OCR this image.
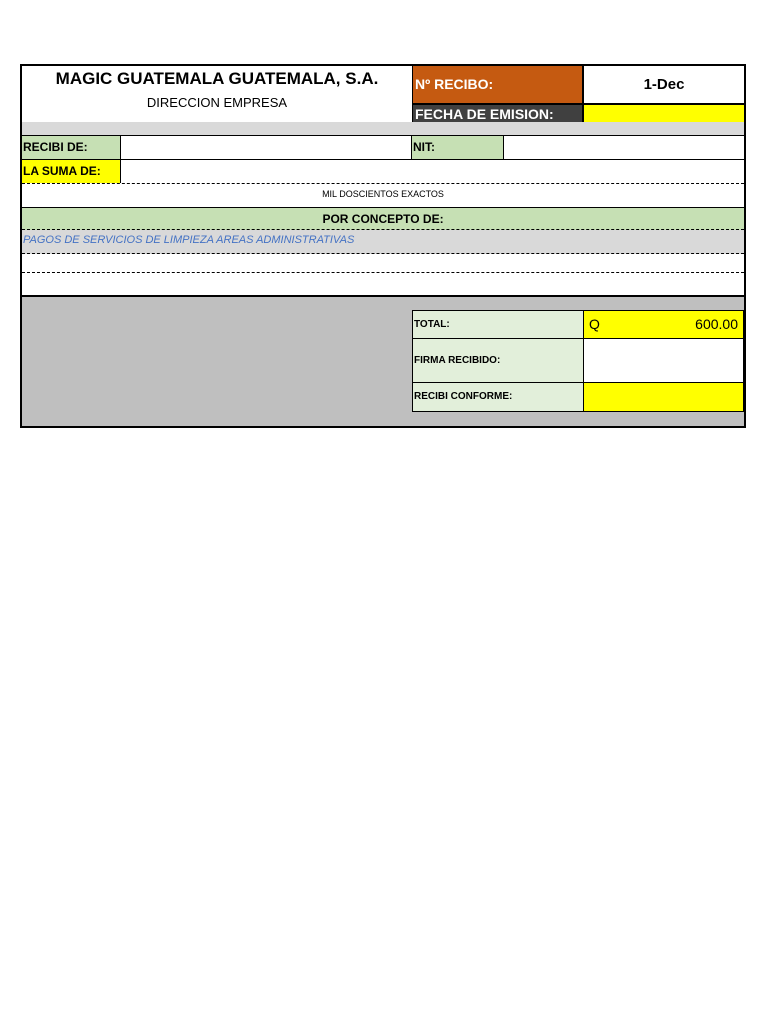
MAGIC GUATEMALA GUATEMALA, S.A.
DIRECCION EMPRESA
Nº RECIBO:	1-Dec
FECHA DE EMISION:
RECIBI DE:	NIT:
LA SUMA DE:
MIL DOSCIENTOS EXACTOS
POR CONCEPTO DE:
PAGOS DE SERVICIOS DE LIMPIEZA AREAS ADMINISTRATIVAS
TOTAL:	Q	600.00
FIRMA RECIBIDO:
RECIBI CONFORME:
